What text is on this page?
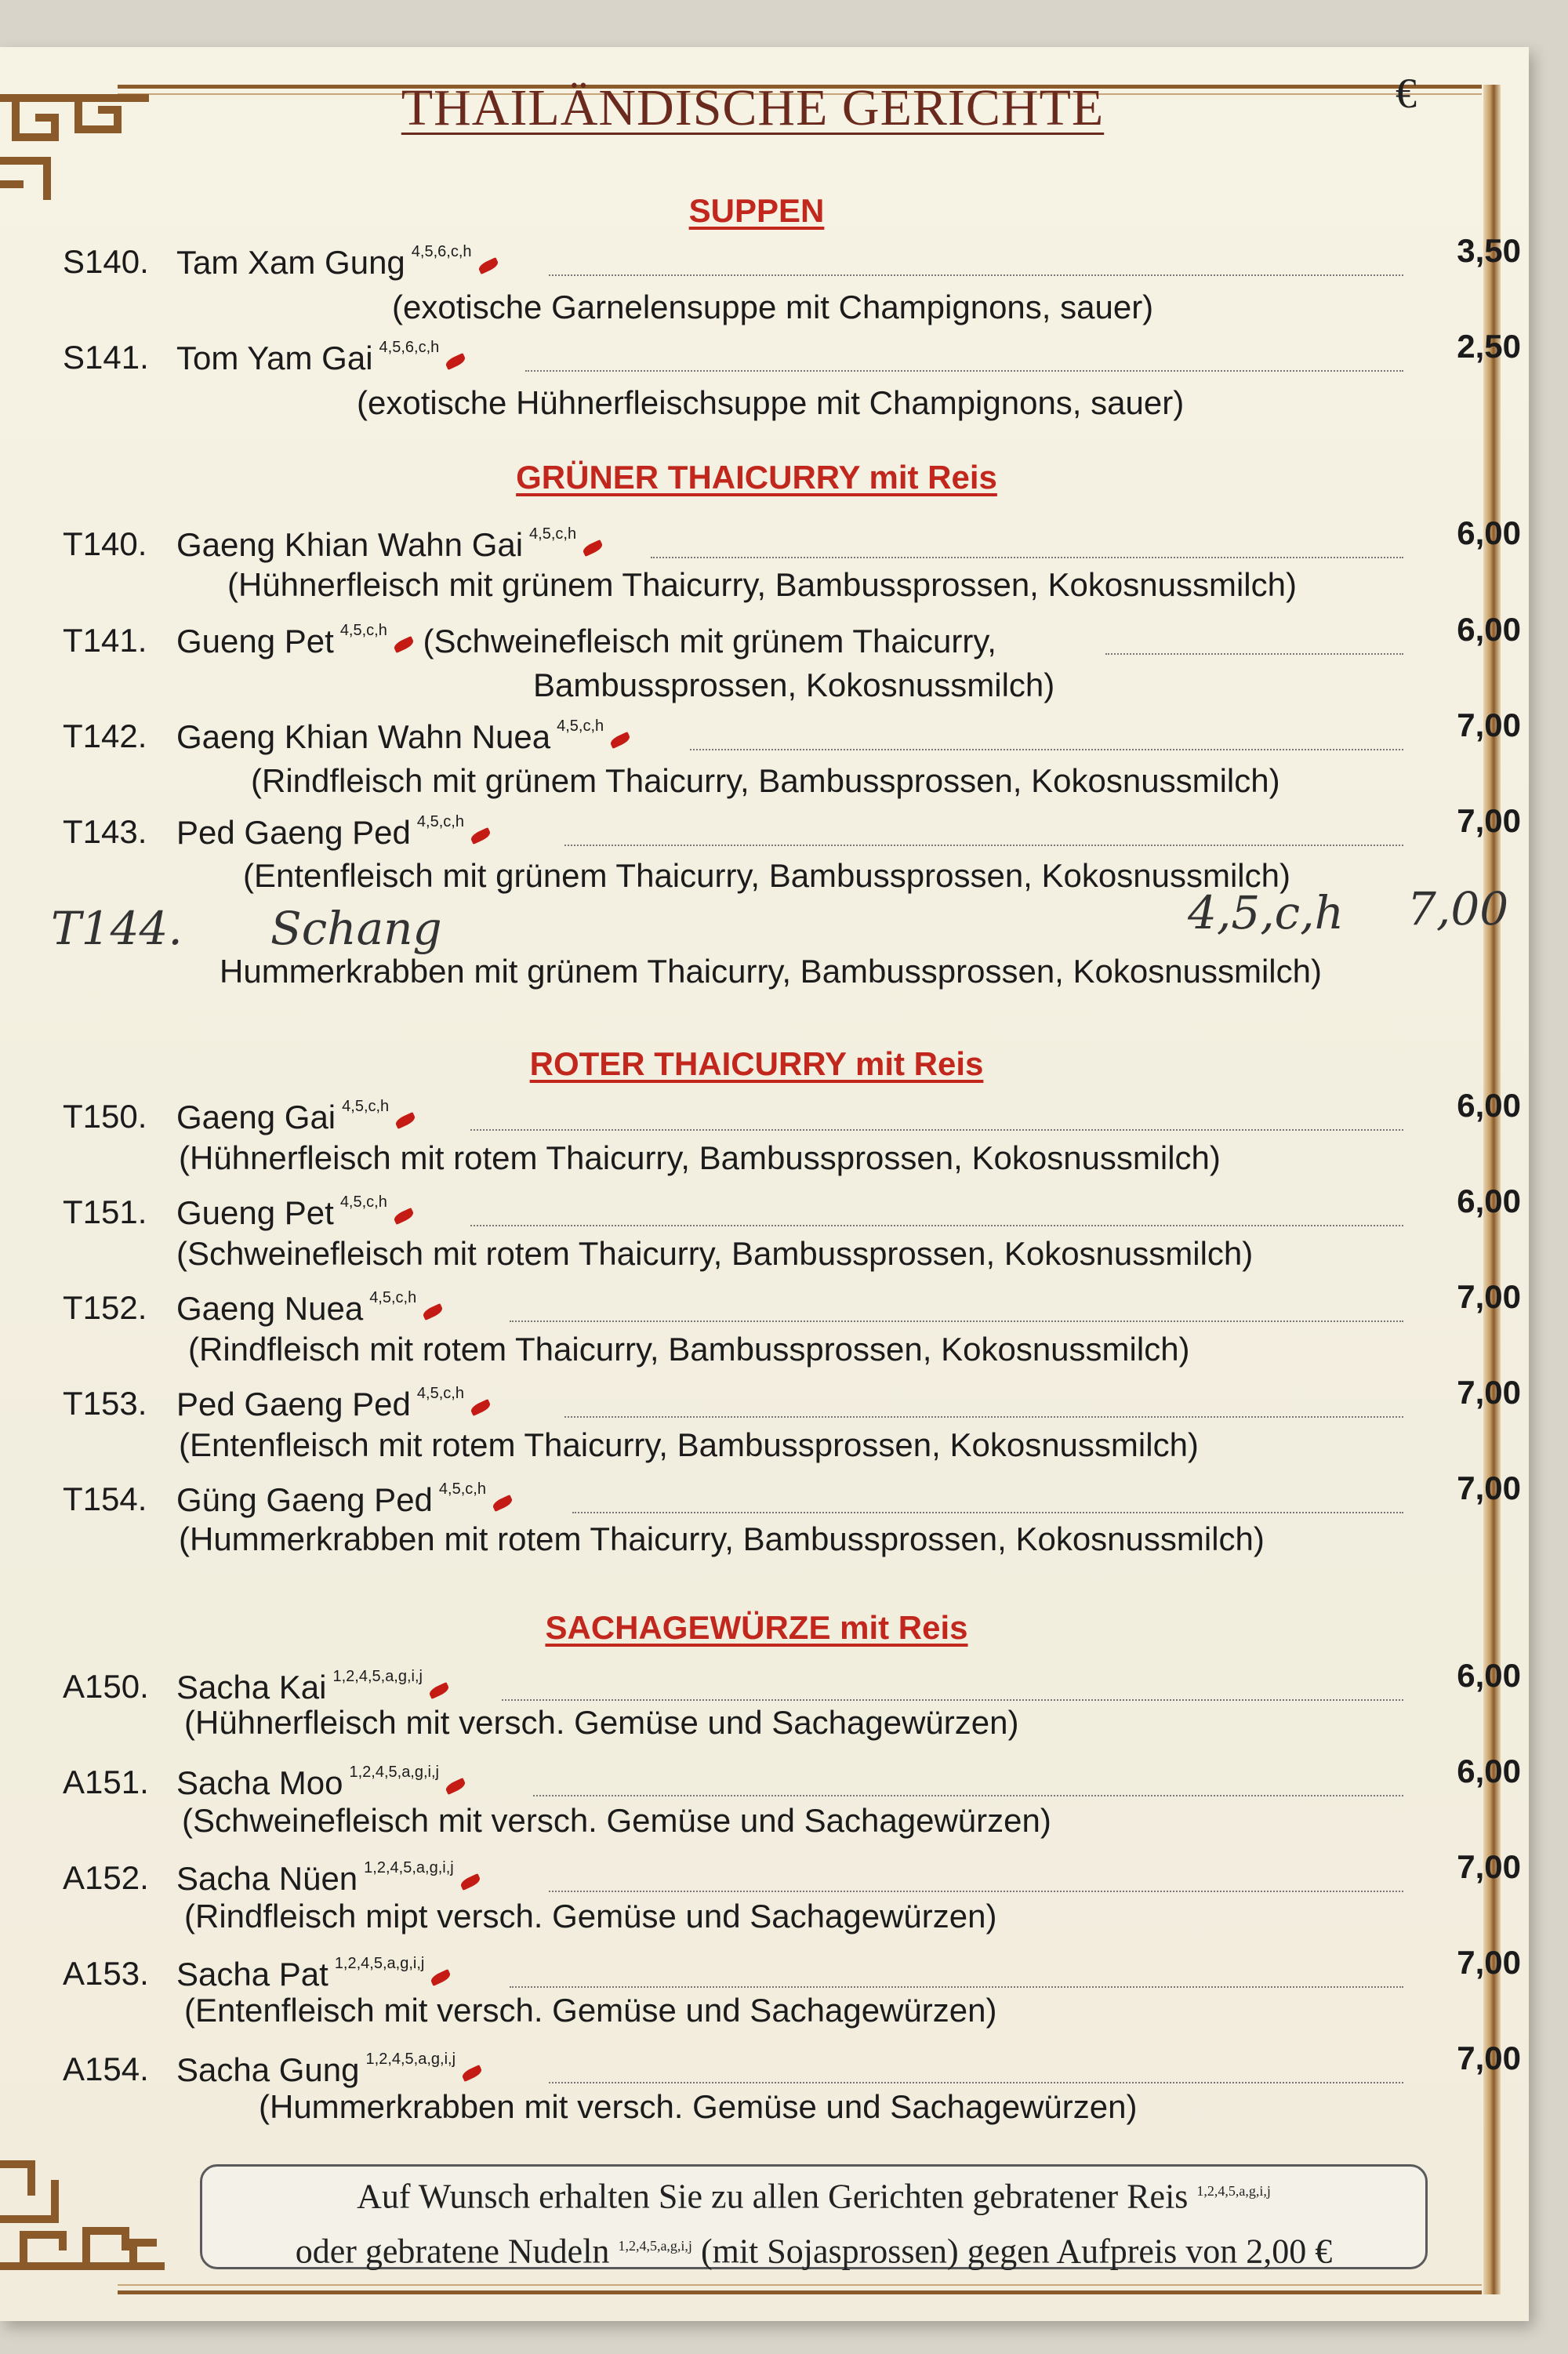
THAILÄNDISCHE GERICHTE	€
SUPPEN
S140. Tam Xam Gung $^{4,5,6,c,h}$	3,50
(exotische Garnelensuppe mit Champignons, sauer)
S141. Tom Yam Gai $^{4,5,6,c,h}$	2,50
(exotische Hühnerfleischsuppe mit Champignons, sauer)
GRÜNER THAICURRY mit Reis
T140. Gaeng Khian Wahn Gai $^{4,5,c,h}$	6,00
(Hühnerfleisch mit grünem Thaicurry, Bambussprossen, Kokosnussmilch)
T141. Gueng Pet $^{4,5,c,h}$ (Schweinefleisch mit grünem Thaicurry,	6,00
Bambussprossen, Kokosnussmilch)
T142. Gaeng Khian Wahn Nuea $^{4,5,c,h}$	7,00
(Rindfleisch mit grünem Thaicurry, Bambussprossen, Kokosnussmilch)
T143. Ped Gaeng Ped $^{4,5,c,h}$	7,00
(Entenfleisch mit grünem Thaicurry, Bambussprossen, Kokosnussmilch)
T144. Schang	4,5,c,h 7,00
Hummerkrabben mit grünem Thaicurry, Bambussprossen, Kokosnussmilch)
ROTER THAICURRY mit Reis
T150. Gaeng Gai $^{4,5,c,h}$	6,00
(Hühnerfleisch mit rotem Thaicurry, Bambussprossen, Kokosnussmilch)
T151. Gueng Pet $^{4,5,c,h}$	6,00
(Schweinefleisch mit rotem Thaicurry, Bambussprossen, Kokosnussmilch)
T152. Gaeng Nuea $^{4,5,c,h}$	7,00
(Rindfleisch mit rotem Thaicurry, Bambussprossen, Kokosnussmilch)
T153. Ped Gaeng Ped $^{4,5,c,h}$	7,00
(Entenfleisch mit rotem Thaicurry, Bambussprossen, Kokosnussmilch)
T154. Güng Gaeng Ped $^{4,5,c,h}$	7,00
(Hummerkrabben mit rotem Thaicurry, Bambussprossen, Kokosnussmilch)
SACHAGEWÜRZE mit Reis
A150. Sacha Kai $^{1,2,4,5,a,g,i,j}$	6,00
(Hühnerfleisch mit versch. Gemüse und Sachagewürzen)
A151. Sacha Moo $^{1,2,4,5,a,g,i,j}$	6,00
(Schweinefleisch mit versch. Gemüse und Sachagewürzen)
A152. Sacha Nüen $^{1,2,4,5,a,g,i,j}$	7,00
(Rindfleisch mipt versch. Gemüse und Sachagewürzen)
A153. Sacha Pat $^{1,2,4,5,a,g,i,j}$	7,00
(Entenfleisch mit versch. Gemüse und Sachagewürzen)
A154. Sacha Gung $^{1,2,4,5,a,g,i,j}$	7,00
(Hummerkrabben mit versch. Gemüse und Sachagewürzen)
Auf Wunsch erhalten Sie zu allen Gerichten gebratener Reis $^{1,2,4,5,a,g,i,j}$
oder gebratene Nudeln $^{1,2,4,5,a,g,i,j}$ (mit Sojasprossen) gegen Aufpreis von 2,00 €
